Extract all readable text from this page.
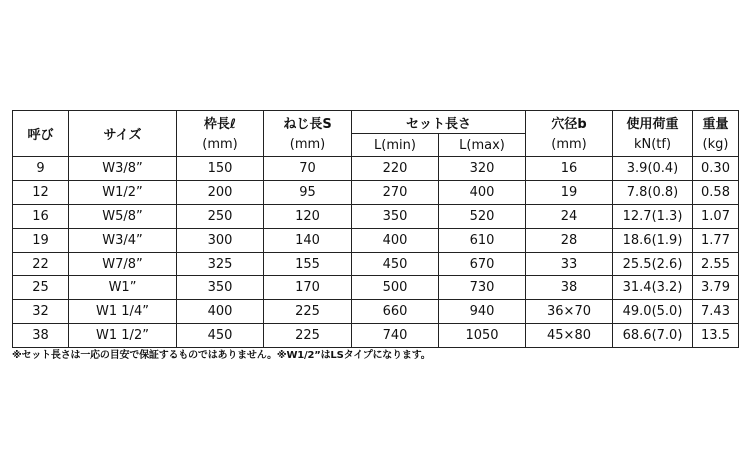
呼び	サイズ	枠長ℓ	ねじ長S	セット長さ		穴径b	使用荷重	重量
		(mm)	(mm)	L(min)	L(max)	(mm)	kN(tf)	(kg)
9	W3/8”	150	70	220	320	16	3.9(0.4)	0.30
12	W1/2”	200	95	270	400	19	7.8(0.8)	0.58
16	W5/8”	250	120	350	520	24	12.7(1.3)	1.07
19	W3/4”	300	140	400	610	28	18.6(1.9)	1.77
22	W7/8”	325	155	450	670	33	25.5(2.6)	2.55
25	W1”	350	170	500	730	38	31.4(3.2)	3.79
32	W1 1/4”	400	225	660	940	36×70	49.0(5.0)	7.43
38	W1 1/2”	450	225	740	1050	45×80	68.6(7.0)	13.5
※セット長さは一応の目安で保証するものではありません。※W1/2”はLSタイプになります。
